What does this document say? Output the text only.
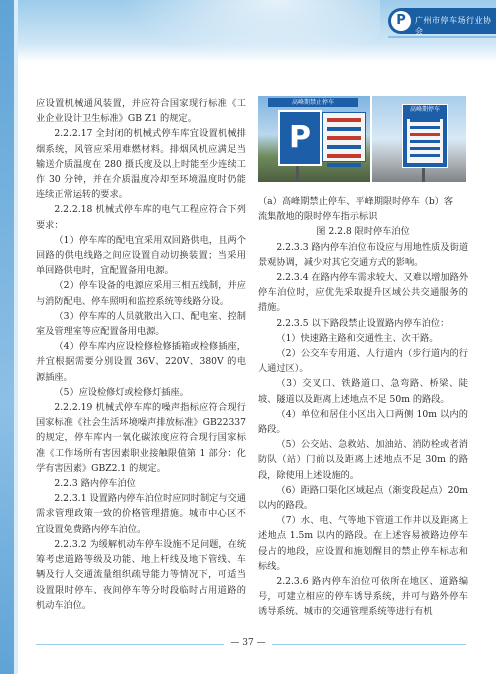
P	广州市停车场行业协会

应设置机械通风装置，并应符合国家现行标准《工业企业设计卫生标准》GB Z1 的规定。

2.2.2.17 全封闭的机械式停车库宜设置机械排烟系统，风管应采用难燃材料。排烟风机应满足当输送介质温度在 280 摄氏度及以上时能至少连续工作 30 分钟，并在介质温度冷却至环境温度时仍能连续正常运转的要求。

2.2.2.18 机械式停车库的电气工程应符合下列要求：

（1）停车库的配电宜采用双回路供电，且两个回路的供电线路之间应设置自动切换装置；当采用单回路供电时，宜配置备用电源。

（2）停车设备的电源应采用三相五线制，并应与消防配电、停车照明和监控系统等线路分设。

（3）停车库的人员就散出入口、配电室、控制室及管理室等应配置备用电源。

（4）停车库内应设检修检修插箱或检修插座，并宜根据需要分别设置 36V、220V、380V 的电源插座。

（5）应设检修灯或检修灯插座。

2.2.2.19 机械式停车库的噪声指标应符合现行国家标准《社会生活环境噪声排放标准》GB22337 的规定，停车库内一氧化碳浓度应符合现行国家标准《工作场所有害因素职业接触限值第 1 部分：化学有害因素》GBZ2.1 的规定。

2.2.3 路内停车泊位

2.2.3.1 设置路内停车泊位时应同时制定与交通需求管理政策一致的价格管理措施。城市中心区不宜设置免费路内停车泊位。

2.2.3.2 为缓解机动车停车设施不足问题，在统筹考虑道路等级及功能、地上杆线及地下管线、车辆及行人交通流量组织疏导能力等情况下，可适当设置限时停车、夜间停车等分时段临时占用道路的机动车泊位。

高峰期禁止停车
P
高峰期停车

（a）高峰期禁止停车、平峰期限时停车（b）客

流集散地的限时停车指示标识

图 2.2.8 限时停车泊位

2.2.3.3 路内停车泊位布设应与用地性质及街道景观协调，减少对其它交通方式的影响。

2.2.3.4 在路内停车需求较大、又难以增加路外停车泊位时，应优先采取提升区域公共交通服务的措施。

2.2.3.5 以下路段禁止设置路内停车泊位：

（1）快速路主路和交通性主、次干路。

（2）公交车专用道、人行道内（步行道内的行人通过区）。

（3）交叉口、铁路道口、急弯路、桥梁、陡坡、隧道以及距离上述地点不足 50m 的路段。

（4）单位和居住小区出入口两侧 10m 以内的路段。

（5）公交站、急救站、加油站、消防栓或者消防队（站）门前以及距离上述地点不足 30m 的路段，除使用上述设施的。

（6）距路口渠化区域起点（渐变段起点）20m 以内的路段。

（7）水、电、气等地下管道工作井以及距离上述地点 1.5m 以内的路段。在上述容易被路边停车侵占的地段，应设置和施划醒目的禁止停车标志和标线。

2.2.3.6 路内停车泊位可依所在地区、道路编号，可建立相应的停车诱导系统，并可与路外停车诱导系统、城市的交通管理系统等进行有机

— 37 —
